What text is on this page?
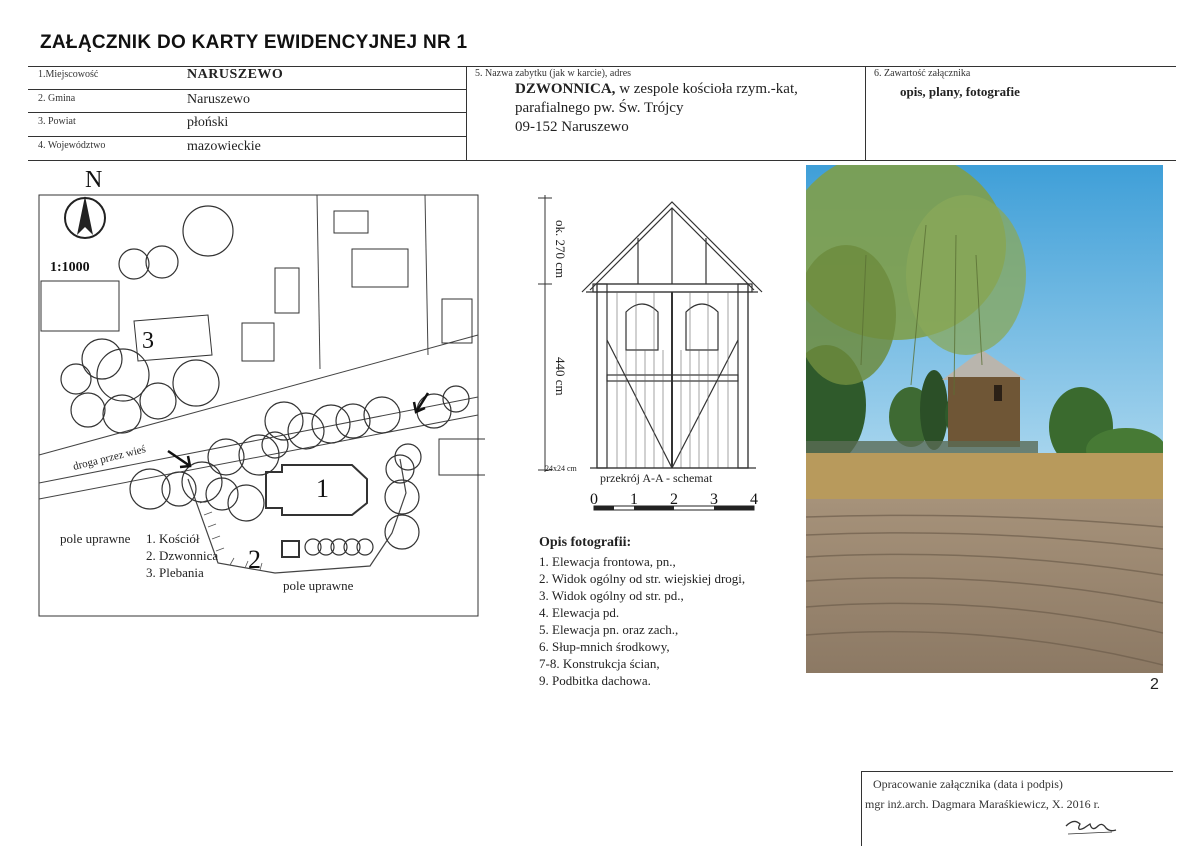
ZAŁĄCZNIK DO KARTY EWIDENCYJNEJ NR 1
1.Miejscowość	NARUSZEWO
2. Gmina	Naruszewo
3. Powiat	płoński
4. Województwo	mazowieckie
5. Nazwa zabytku (jak w karcie), adres
DZWONNICA, w zespole kościoła rzym.-kat,
parafialnego pw. Św. Trójcy
09-152 Naruszewo
6. Zawartość załącznika
opis, plany, fotografie
N
1:1000
3
1
2
droga przez wieś
pole uprawne
pole uprawne
1. Kościół
2. Dzwonnica
3. Plebania
ok. 270 cm
440 cm
24x24 cm
przekrój A-A - schemat
0 1 2 3 4
Opis fotografii:
1. Elewacja frontowa, pn.,
2. Widok ogólny od str. wiejskiej drogi,
3. Widok ogólny od str. pd.,
4. Elewacja pd.
5. Elewacja pn. oraz zach.,
6. Słup-mnich środkowy,
7-8. Konstrukcja ścian,
9. Podbitka dachowa.	2
Opracowanie załącznika (data i podpis)
mgr inż.arch. Dagmara Maraśkiewicz, X. 2016 r.
